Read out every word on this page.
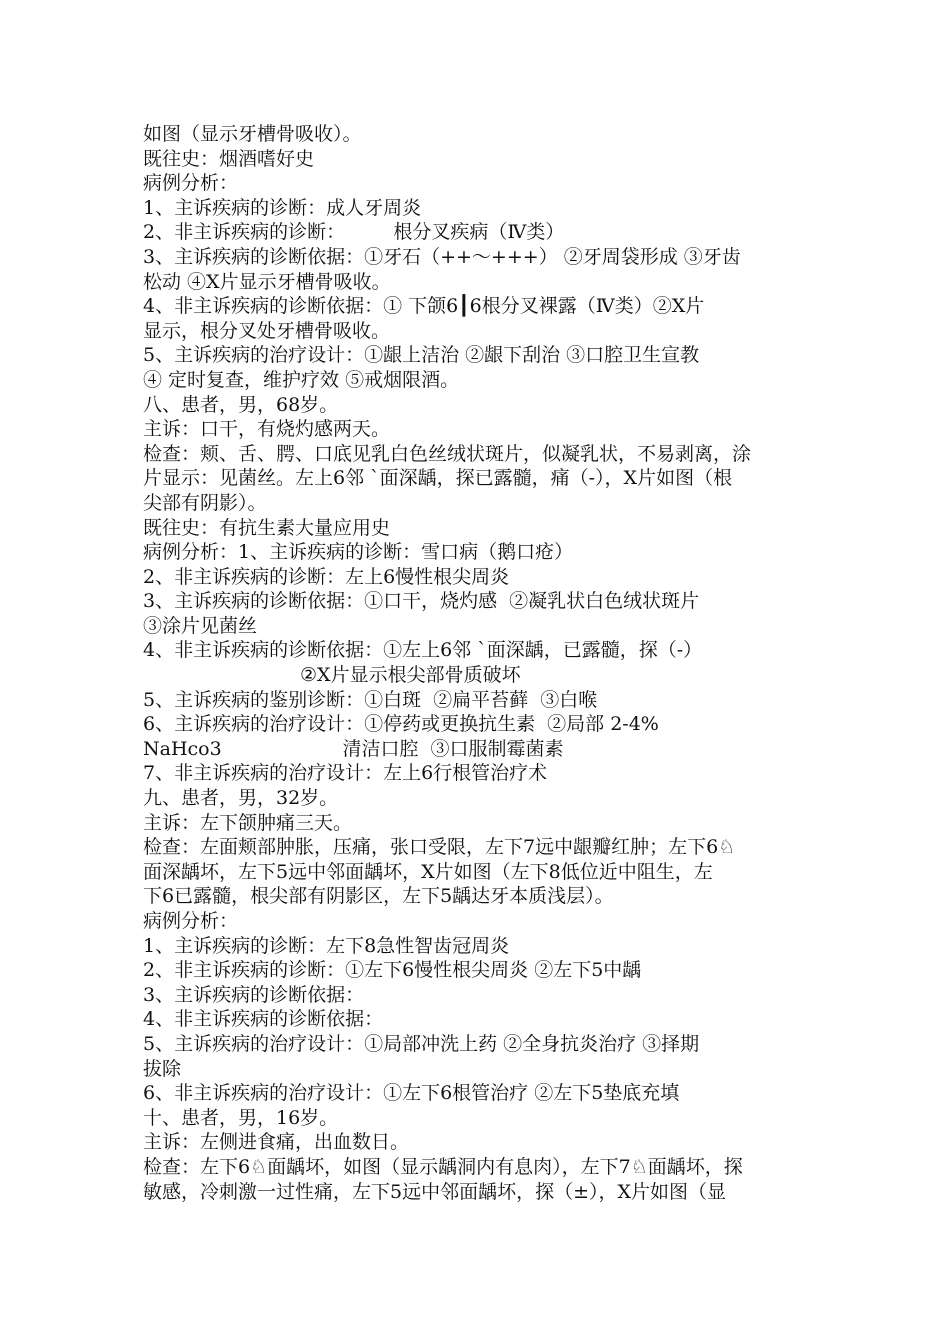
如图（显示牙槽骨吸收）。
既往史：烟酒嗜好史
病例分析：
1、主诉疾病的诊断：成人牙周炎
2、非主诉疾病的诊断：        根分叉疾病（Ⅳ类）
3、主诉疾病的诊断依据：①牙石（++～+++） ②牙周袋形成 ③牙齿
松动 ④X片显示牙槽骨吸收。
4、非主诉疾病的诊断依据：① 下颌6┃6根分叉裸露（Ⅳ类）②X片
显示，根分叉处牙槽骨吸收。
5、主诉疾病的治疗设计：①龈上洁治 ②龈下刮治 ③口腔卫生宣教
④ 定时复查，维护疗效 ⑤戒烟限酒。
八、患者，男，68岁。
主诉：口干，有烧灼感两天。
检查：颊、舌、腭、口底见乳白色丝绒状斑片，似凝乳状，不易剥离，涂
片显示：见菌丝。左上6邻 `面深龋，探已露髓，痛（-），X片如图（根
尖部有阴影）。
既往史：有抗生素大量应用史
病例分析：1、主诉疾病的诊断：雪口病（鹅口疮）
2、非主诉疾病的诊断：左上6慢性根尖周炎
3、主诉疾病的诊断依据：①口干，烧灼感  ②凝乳状白色绒状斑片
③涂片见菌丝
4、非主诉疾病的诊断依据：①左上6邻 `面深龋，已露髓，探（-）
②X片显示根尖部骨质破坏
5、主诉疾病的鉴别诊断：①白斑  ②扁平苔藓  ③白喉
6、主诉疾病的治疗设计：①停药或更换抗生素  ②局部 2-4%
NaHco3                    清洁口腔  ③口服制霉菌素
7、非主诉疾病的治疗设计：左上6行根管治疗术
九、患者，男，32岁。
主诉：左下颌肿痛三天。
检查：左面颊部肿胀，压痛，张口受限，左下7远中龈瓣红肿；左下6♘
面深龋坏，左下5远中邻面龋坏，X片如图（左下8低位近中阻生，左
下6已露髓，根尖部有阴影区，左下5龋达牙本质浅层）。
病例分析：
1、主诉疾病的诊断：左下8急性智齿冠周炎
2、非主诉疾病的诊断：①左下6慢性根尖周炎 ②左下5中龋
3、主诉疾病的诊断依据：
4、非主诉疾病的诊断依据：
5、主诉疾病的治疗设计：①局部冲洗上药 ②全身抗炎治疗 ③择期
拔除
6、非主诉疾病的治疗设计：①左下6根管治疗 ②左下5垫底充填
十、患者，男，16岁。
主诉：左侧进食痛，出血数日。
检查：左下6♘面龋坏，如图（显示龋洞内有息肉），左下7♘面龋坏，探
敏感，冷刺激一过性痛，左下5远中邻面龋坏，探（±），X片如图（显
